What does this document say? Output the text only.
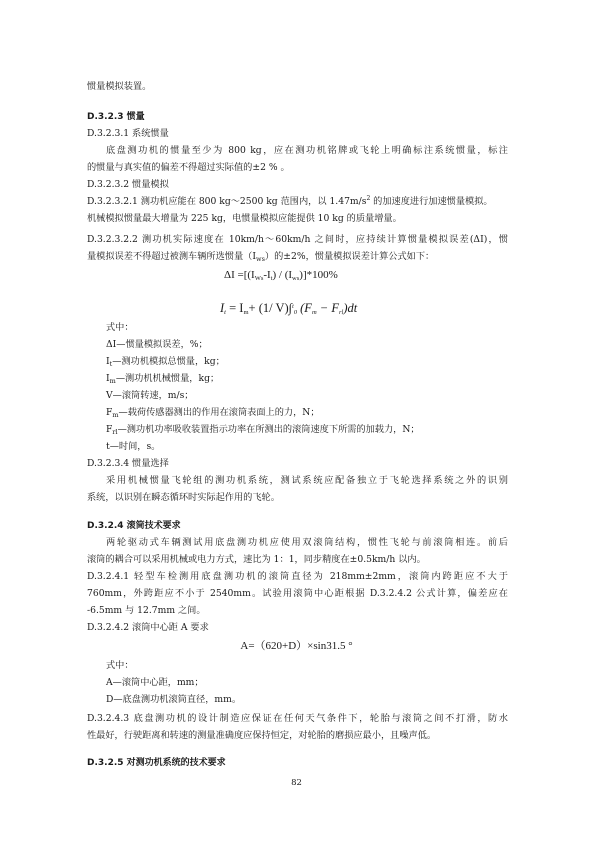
惯量模拟装置。
D.3.2.3 惯量
D.3.2.3.1 系统惯量
底盘测功机的惯量至少为 800 kg，应在测功机铭牌或飞轮上明确标注系统惯量，标注
的惯量与真实值的偏差不得超过实际值的±2 % 。
D.3.2.3.2 惯量模拟
D.3.2.3.2.1 测功机应能在 800 kg～2500 kg 范围内，以 $1.47m/s^2$ 的加速度进行加速惯量模拟。
机械模拟惯量最大增量为 225 kg，电惯量模拟应能提供 10 kg 的质量增量。
D.3.2.3.2.2 测功机实际速度在 10km/h～60km/h 之间时，应持续计算惯量模拟误差(ΔI)，惯
量模拟误差不得超过被测车辆所选惯量$(I_{ws})$的±2%，惯量模拟误差计算公式如下：
$\Delta I =[(I_{Ws}-I_t) / (I_{ws})]*100\%$
$I_t = I_m+ (1/$ V)∫$^t_0$ $(F_m - F_{rl})dt$
式中：
ΔI—惯量模拟误差，%；
$I_t—$测功机模拟总惯量，kg；
$I_m—$测功机机械惯量，kg；
V—滚筒转速，m/s；
$F_m—$载荷传感器测出的作用在滚筒表面上的力，N；
$F_{rl}—$测功机功率吸收装置指示功率在所测出的滚筒速度下所需的加载力，N；
t—时间，s。
D.3.2.3.4 惯量选择
采用机械惯量飞轮组的测功机系统，测试系统应配备独立于飞轮选择系统之外的识别
系统，以识别在瞬态循环时实际起作用的飞轮。
D.3.2.4 滚筒技术要求
两轮驱动式车辆测试用底盘测功机应使用双滚筒结构，惯性飞轮与前滚筒相连。前后
滚筒的耦合可以采用机械或电力方式，速比为 1：1，同步精度在±0.5km/h 以内。
D.3.2.4.1 轻型车检测用底盘测功机的滚筒直径为 218mm±2mm，滚筒内跨距应不大于
760mm，外跨距应不小于 2540mm。试验用滚筒中心距根据 D.3.2.4.2 公式计算，偏差应在
-6.5mm 与 12.7mm 之间。
D.3.2.4.2 滚筒中心距 A 要求
A=（620+D）×sin31.5 °
式中：
A—滚筒中心距，mm；
D—底盘测功机滚筒直径，mm。
D.3.2.4.3 底盘测功机的设计制造应保证在任何天气条件下，轮胎与滚筒之间不打滑，防水
性最好，行驶距离和转速的测量准确度应保持恒定，对轮胎的磨损应最小，且噪声低。
D.3.2.5 对测功机系统的技术要求
82
